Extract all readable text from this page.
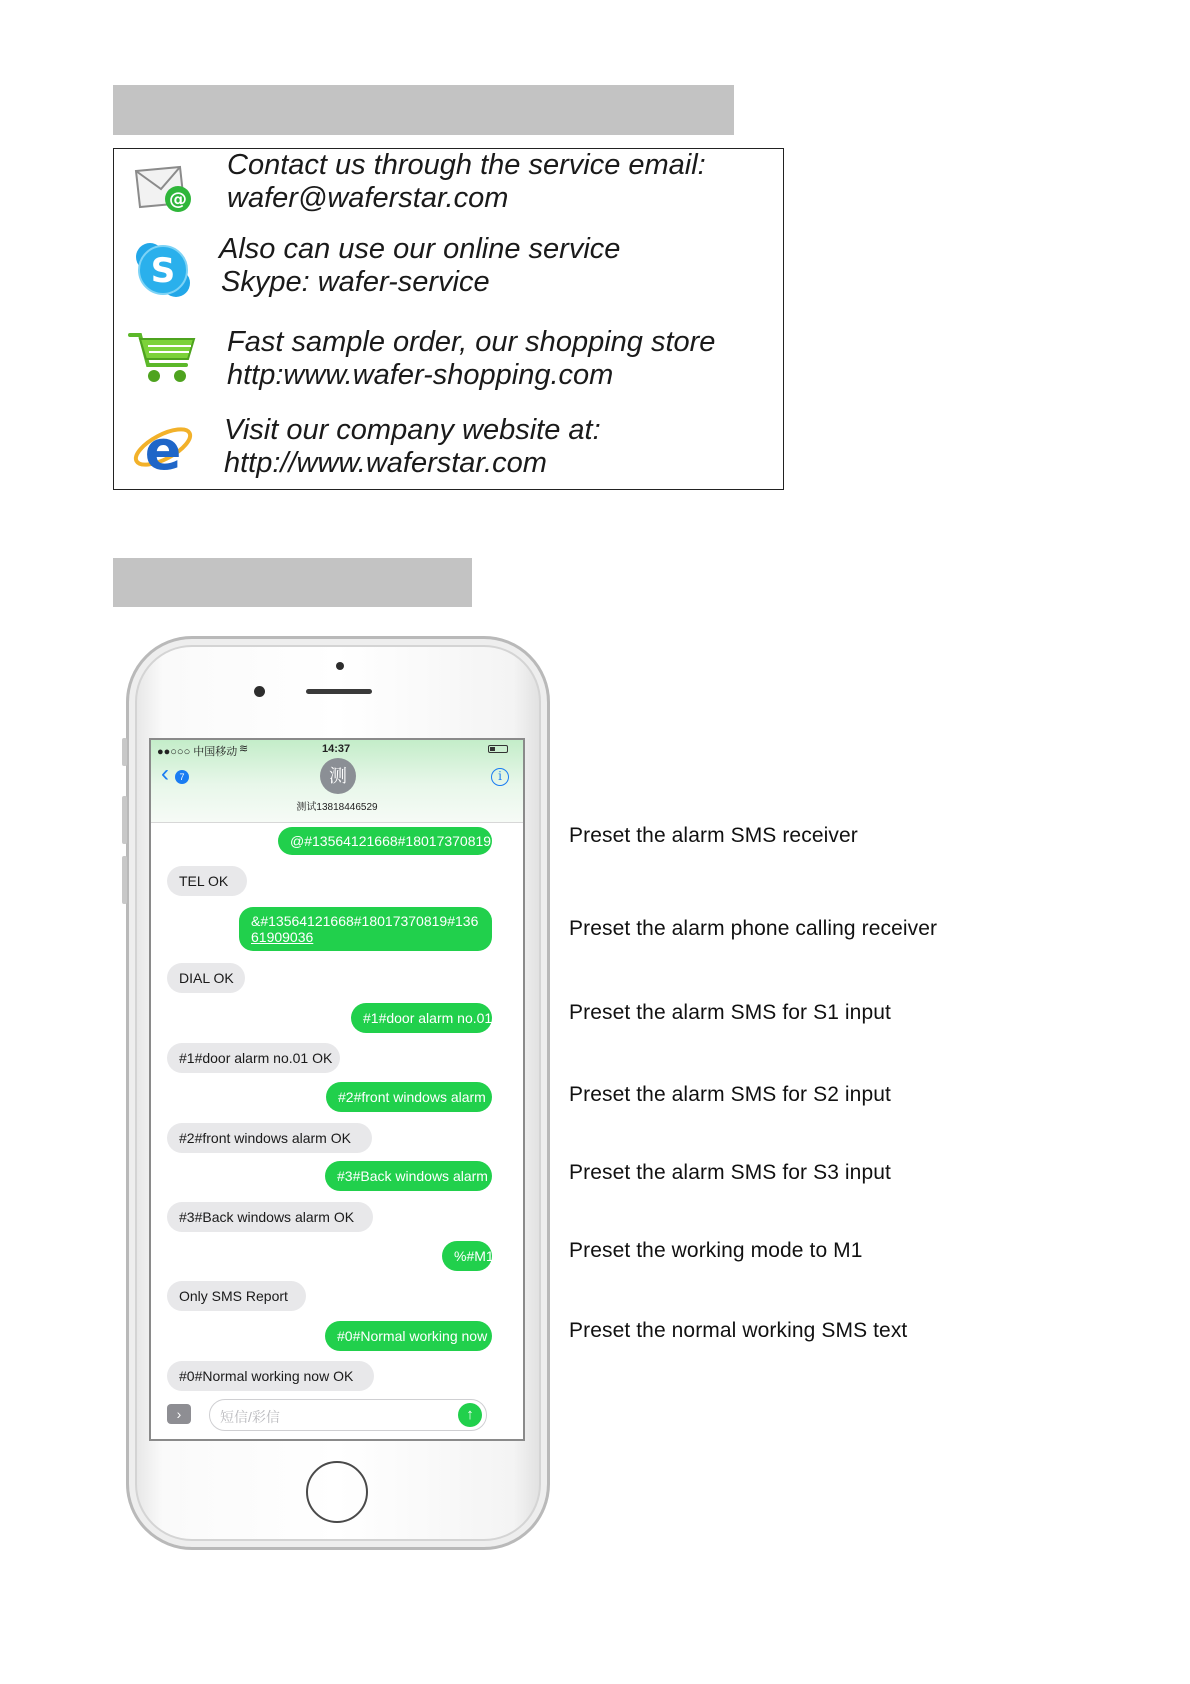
@
Contact us through the service email:
wafer@waferstar.com
S
Also can use our online service
Skype: wafer-service
Fast sample order, our shopping store
http:www.wafer-shopping.com
e Visit our company website at:
http://www.waferstar.com
●●○○○ 中国移动 ≋	14:37
‹	7	测
测试13818446529
i
@#13564121668#18017370819
TEL OK
&#13564121668#18017370819#136
61909036
DIAL OK
#1#door alarm no.01
#1#door alarm no.01 OK
#2#front windows alarm
#2#front windows alarm OK
#3#Back windows alarm
#3#Back windows alarm OK
%#M1
Only SMS Report
#0#Normal working now
#0#Normal working now OK
›	短信/彩信	↑
Preset the alarm SMS receiver
Preset the alarm phone calling receiver
Preset the alarm SMS for S1 input
Preset the alarm SMS for S2 input
Preset the alarm SMS for S3 input
Preset the working mode to M1
Preset the normal working SMS text
